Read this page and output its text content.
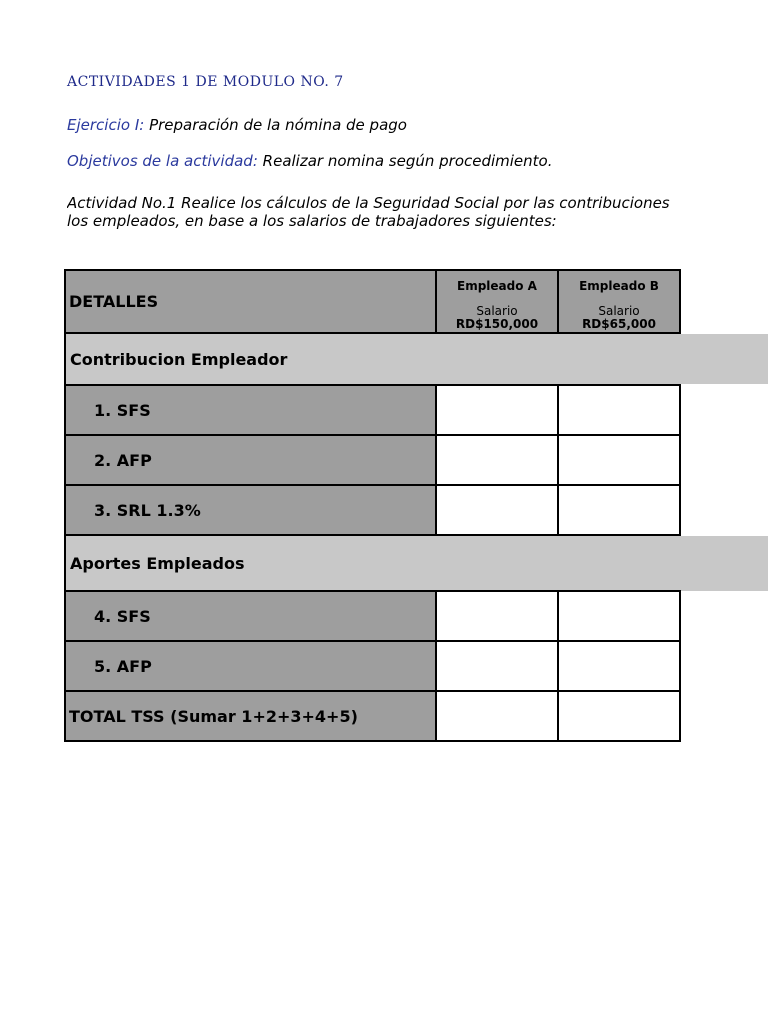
ACTIVIDADES 1 DE MODULO NO. 7
Ejercicio I: Preparación de la nómina de pago
Objetivos de la actividad: Realizar nomina según procedimiento.
Actividad No.1 Realice los cálculos de la Seguridad Social por las contribuciones
los empleados, en base a los salarios de trabajadores siguientes:
DETALLES
Empleado A
Salario
RD$150,000
Empleado B
Salario
RD$65,000
Contribucion Empleador
1. SFS
2. AFP
3. SRL 1.3%
Aportes Empleados
4. SFS
5. AFP
TOTAL TSS (Sumar 1+2+3+4+5)
